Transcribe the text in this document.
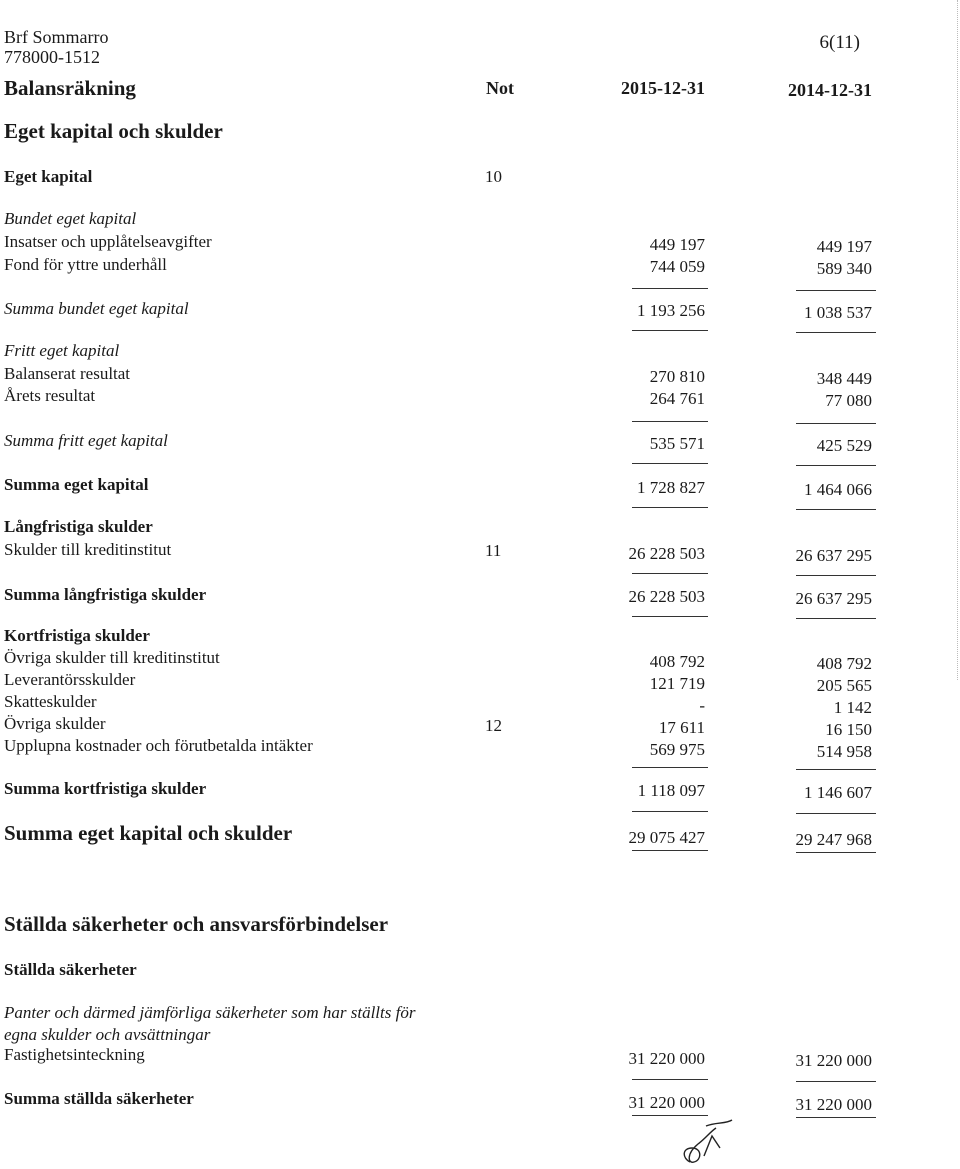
Brf Sommarro
778000-1512
6(11)
Balansräkning	Not	2015-12-31	2014-12-31
Eget kapital och skulder
Eget kapital	10
Bundet eget kapital
Insatser och upplåtelseavgifter	449 197	449 197
Fond för yttre underhåll	744 059	589 340
Summa bundet eget kapital	1 193 256	1 038 537
Fritt eget kapital
Balanserat resultat	270 810	348 449
Årets resultat	264 761	77 080
Summa fritt eget kapital	535 571	425 529
Summa eget kapital	1 728 827	1 464 066
Långfristiga skulder
Skulder till kreditinstitut	11	26 228 503	26 637 295
Summa långfristiga skulder	26 228 503	26 637 295
Kortfristiga skulder
Övriga skulder till kreditinstitut	408 792	408 792
Leverantörsskulder	121 719	205 565
Skatteskulder	-	1 142
Övriga skulder	12	17 611	16 150
Upplupna kostnader och förutbetalda intäkter	569 975	514 958
Summa kortfristiga skulder	1 118 097	1 146 607
Summa eget kapital och skulder	29 075 427	29 247 968
Ställda säkerheter och ansvarsförbindelser
Ställda säkerheter
Panter och därmed jämförliga säkerheter som har ställts för
egna skulder och avsättningar
Fastighetsinteckning	31 220 000	31 220 000
Summa ställda säkerheter	31 220 000	31 220 000
